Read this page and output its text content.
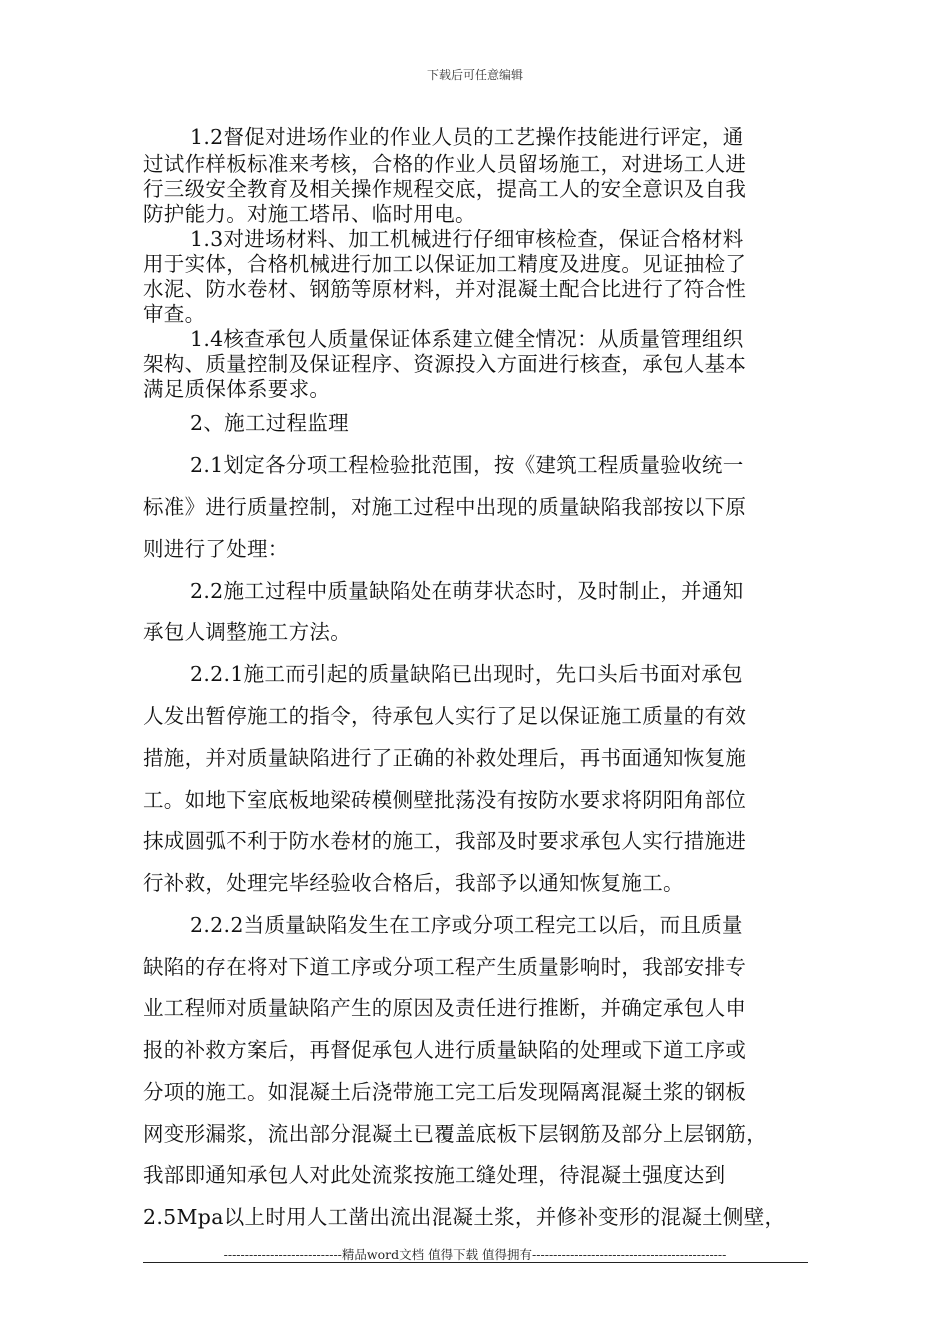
下载后可任意编辑
1.2督促对进场作业的作业人员的工艺操作技能进行评定，通
过试作样板标准来考核，合格的作业人员留场施工，对进场工人进
行三级安全教育及相关操作规程交底，提高工人的安全意识及自我
防护能力。对施工塔吊、临时用电。
1.3对进场材料、加工机械进行仔细审核检查，保证合格材料
用于实体，合格机械进行加工以保证加工精度及进度。见证抽检了
水泥、防水卷材、钢筋等原材料，并对混凝土配合比进行了符合性
审查。
1.4核查承包人质量保证体系建立健全情况：从质量管理组织
架构、质量控制及保证程序、资源投入方面进行核查，承包人基本
满足质保体系要求。
2、施工过程监理
2.1划定各分项工程检验批范围，按《建筑工程质量验收统一
标准》进行质量控制，对施工过程中出现的质量缺陷我部按以下原
则进行了处理：
2.2施工过程中质量缺陷处在萌芽状态时，及时制止，并通知
承包人调整施工方法。
2.2.1施工而引起的质量缺陷已出现时，先口头后书面对承包
人发出暂停施工的指令，待承包人实行了足以保证施工质量的有效
措施，并对质量缺陷进行了正确的补救处理后，再书面通知恢复施
工。如地下室底板地梁砖模侧壁批荡没有按防水要求将阴阳角部位
抹成圆弧不利于防水卷材的施工，我部及时要求承包人实行措施进
行补救，处理完毕经验收合格后，我部予以通知恢复施工。
2.2.2当质量缺陷发生在工序或分项工程完工以后，而且质量
缺陷的存在将对下道工序或分项工程产生质量影响时，我部安排专
业工程师对质量缺陷产生的原因及责任进行推断，并确定承包人申
报的补救方案后，再督促承包人进行质量缺陷的处理或下道工序或
分项的施工。如混凝土后浇带施工完工后发现隔离混凝土浆的钢板
网变形漏浆，流出部分混凝土已覆盖底板下层钢筋及部分上层钢筋，
我部即通知承包人对此处流浆按施工缝处理，待混凝土强度达到
2.5Mpa以上时用人工凿出流出混凝土浆，并修补变形的混凝土侧壁，
----------------------------精品word文档 值得下载 值得拥有----------------------------------------------
